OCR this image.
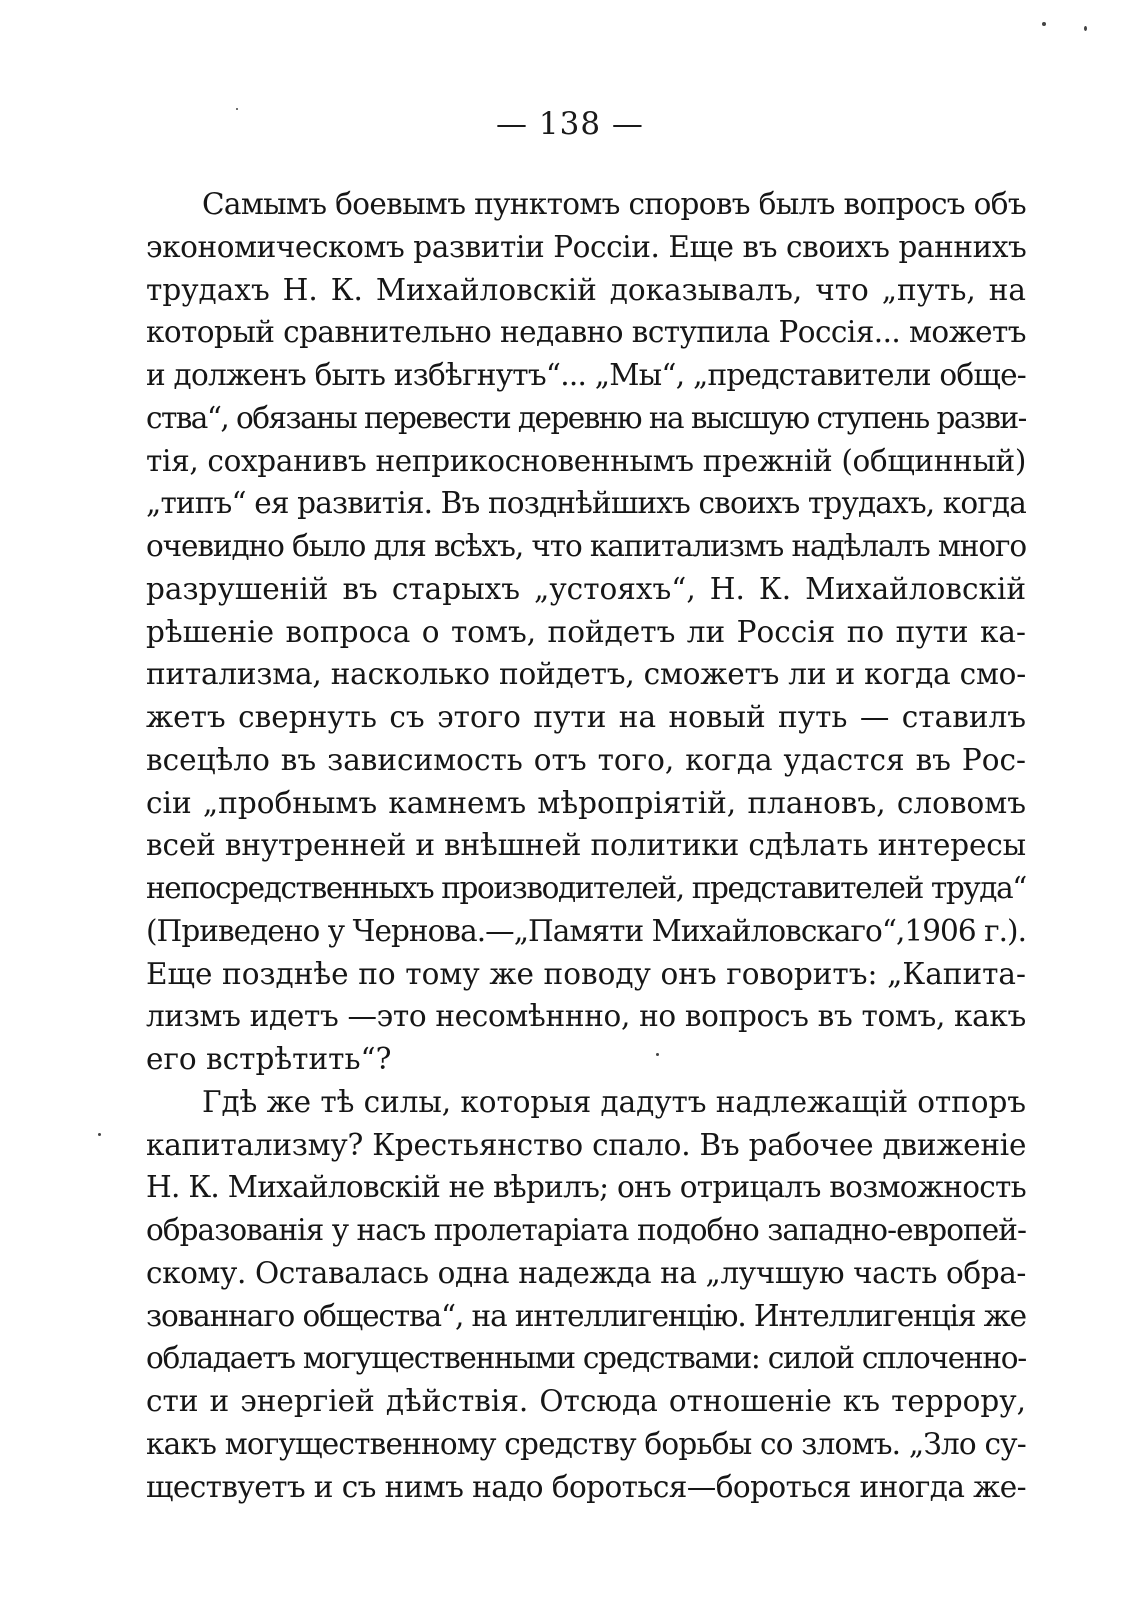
— 138 —
Самымъ боевымъ пунктомъ споровъ былъ вопросъ объ
экономическомъ развитіи Россіи. Еще въ своихъ раннихъ
трудахъ Н. К. Михайловскій доказывалъ, что „путь, на
который сравнительно недавно вступила Россія... можетъ
и долженъ быть избѣгнутъ“... „Мы“, „представители обще-
ства“, обязаны перевести деревню на высшую ступень разви-
тія, сохранивъ неприкосновеннымъ прежній (общинный)
„типъ“ ея развитія. Въ позднѣйшихъ своихъ трудахъ, когда
очевидно было для всѣхъ, что капитализмъ надѣлалъ много
разрушеній въ старыхъ „устояхъ“, Н. К. Михайловскій
рѣшеніе вопроса о томъ, пойдетъ ли Россія по пути ка-
питализма, насколько пойдетъ, сможетъ ли и когда смо-
жетъ свернуть съ этого пути на новый путь — ставилъ
всецѣло въ зависимость отъ того, когда удастся въ Рос-
сіи „пробнымъ камнемъ мѣропріятій, плановъ, словомъ
всей внутренней и внѣшней политики сдѣлать интересы
непосредственныхъ производителей, представителей труда“
(Приведено у Чернова.—„Памяти Михайловскаго“,1906 г.).
Еще позднѣе по тому же поводу онъ говоритъ: „Капита-
лизмъ идетъ —это несомѣннно, но вопросъ въ томъ, какъ
его встрѣтить“?
Гдѣ же тѣ силы, которыя дадутъ надлежащій отпоръ
капитализму? Крестьянство спало. Въ рабочее движеніе
Н. К. Михайловскій не вѣрилъ; онъ отрицалъ возможность
образованія у насъ пролетаріата подобно западно-европей-
скому. Оставалась одна надежда на „лучшую часть обра-
зованнаго общества“, на интеллигенцію. Интеллигенція же
обладаетъ могущественными средствами: силой сплоченно-
сти и энергіей дѣйствія. Отсюда отношеніе къ террору,
какъ могущественному средству борьбы со зломъ. „Зло су-
ществуетъ и съ нимъ надо бороться—бороться иногда же-
